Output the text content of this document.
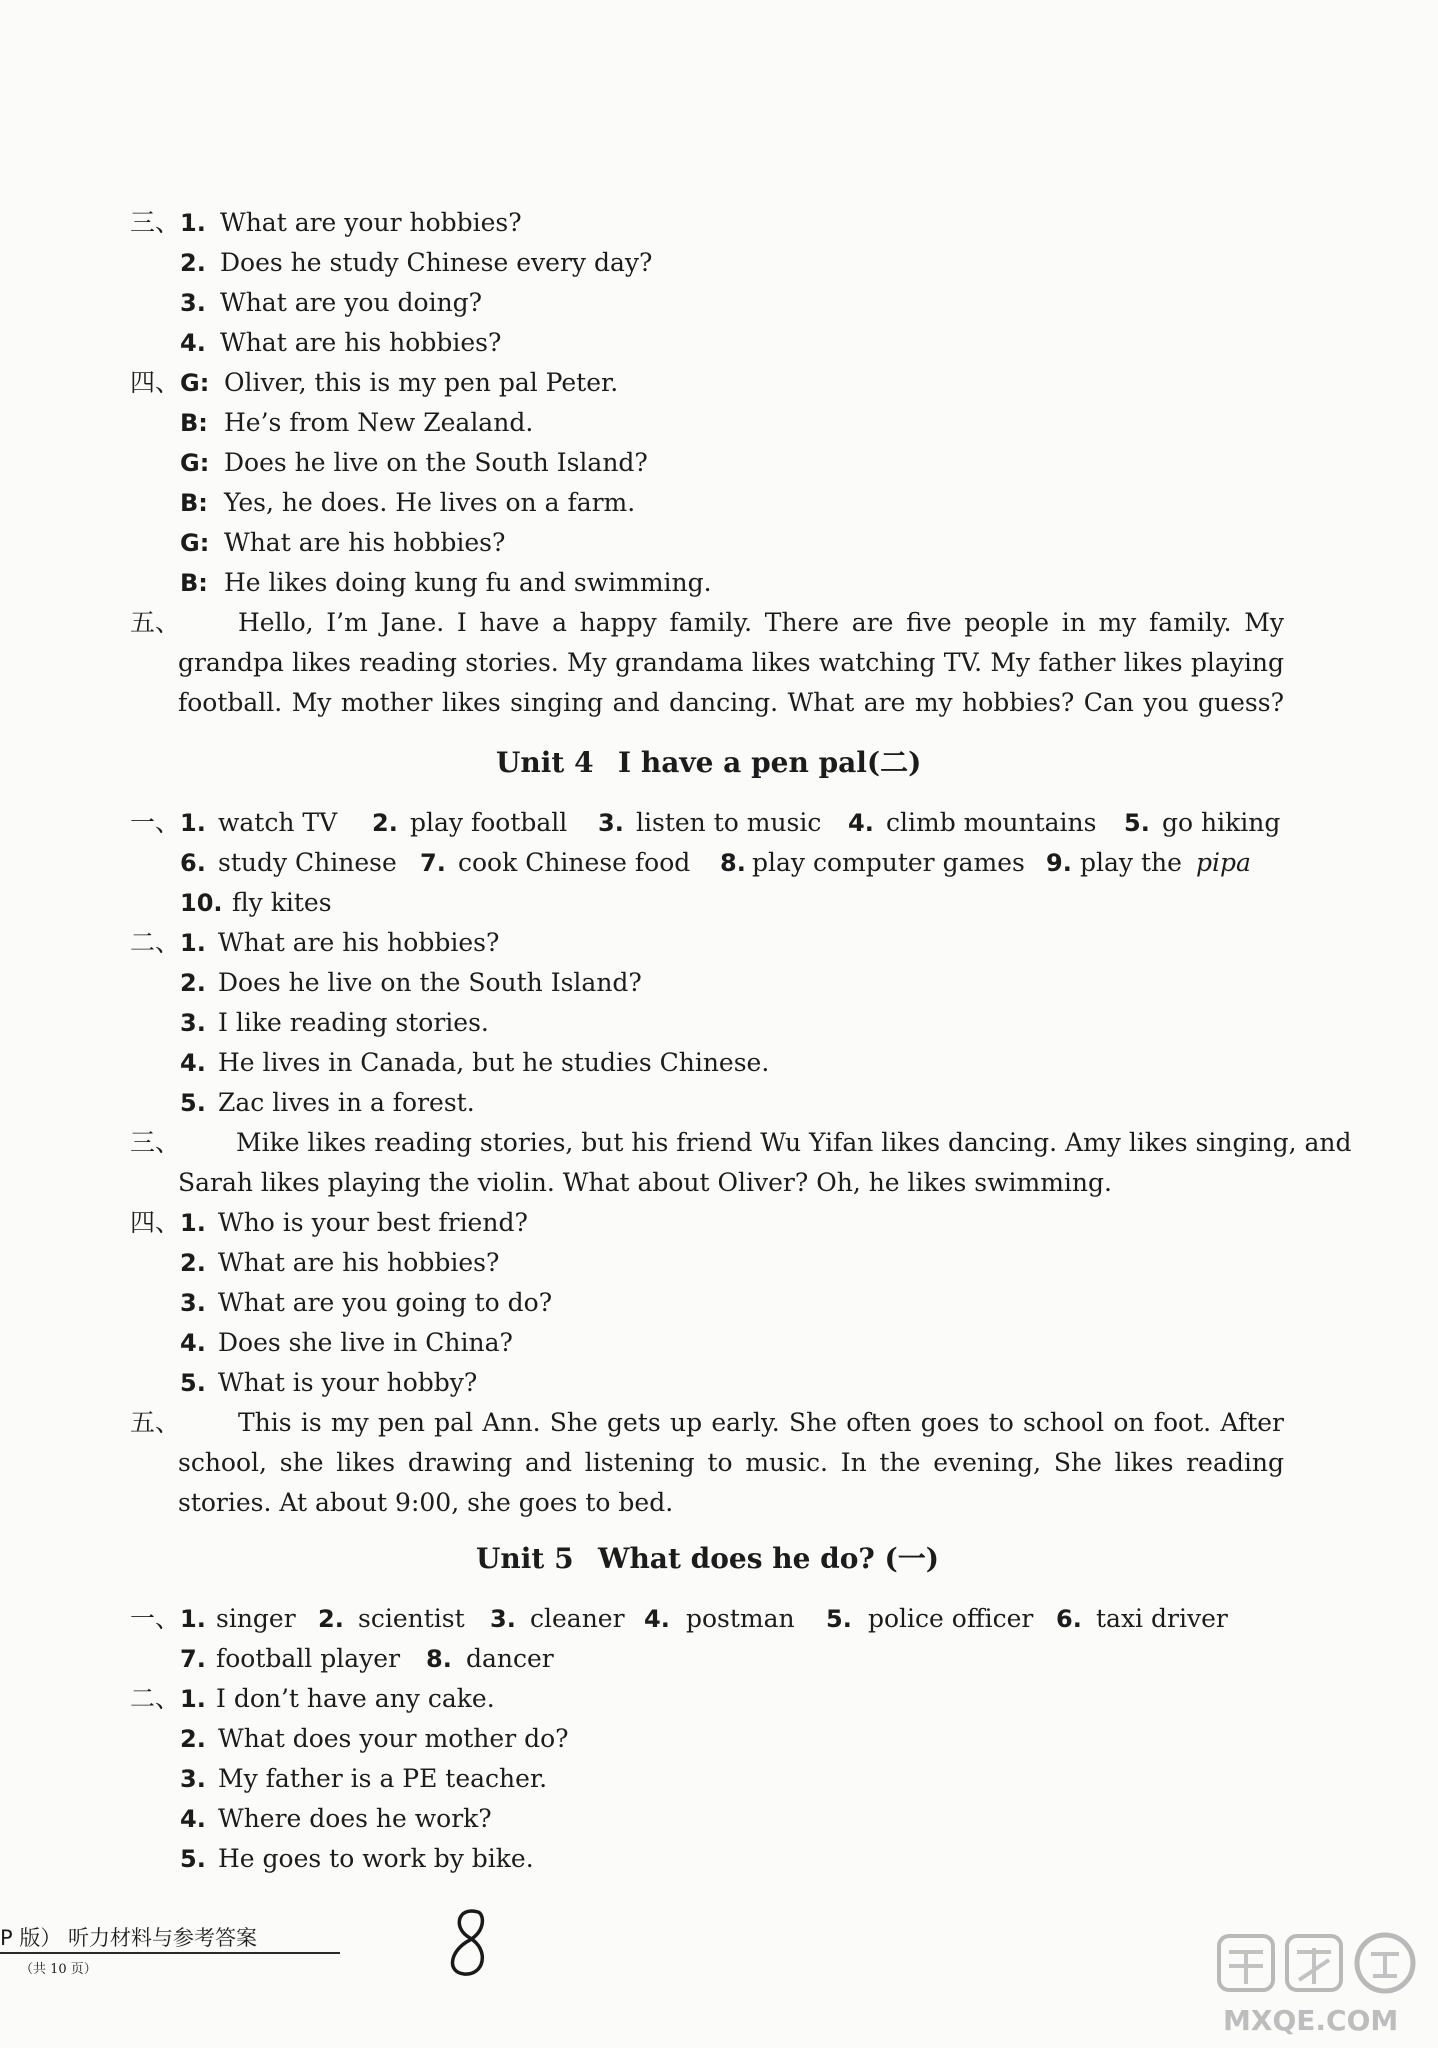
三、 1. What are your hobbies?
2. Does he study Chinese every day?
3. What are you doing?
4. What are his hobbies?
四、 G: Oliver, this is my pen pal Peter.
B: He’s from New Zealand.
G: Does he live on the South Island?
B: Yes, he does. He lives on a farm.
G: What are his hobbies?
B: He likes doing kung fu and swimming.
五、 Hello, I’m Jane. I have a happy family. There are five people in my family. My
grandpa likes reading stories. My grandama likes watching TV. My father likes playing
football. My mother likes singing and dancing. What are my hobbies? Can you guess?
Unit 4 I have a pen pal(二)
一、 1. watch TV 2. play football 3. listen to music 4. climb mountains 5. go hiking
6. study Chinese 7. cook Chinese food 8. play computer games 9. play the pipa
10. fly kites
二、 1. What are his hobbies?
2. Does he live on the South Island?
3. I like reading stories.
4. He lives in Canada, but he studies Chinese.
5. Zac lives in a forest.
三、 Mike likes reading stories, but his friend Wu Yifan likes dancing. Amy likes singing, and
Sarah likes playing the violin. What about Oliver? Oh, he likes swimming.
四、 1. Who is your best friend?
2. What are his hobbies?
3. What are you going to do?
4. Does she live in China?
5. What is your hobby?
五、 This is my pen pal Ann. She gets up early. She often goes to school on foot. After
school, she likes drawing and listening to music. In the evening, She likes reading
stories. At about 9:00, she goes to bed.
Unit 5 What does he do? (一)
一、 1. singer 2. scientist 3. cleaner 4. postman 5. police officer 6. taxi driver
7. football player 8. dancer
二、 1. I don’t have any cake.
2. What does your mother do?
3. My father is a PE teacher.
4. Where does he work?
5. He goes to work by bike.
P 版） 听力材料与参考答案
（共 10 页）
MXQE.COM
